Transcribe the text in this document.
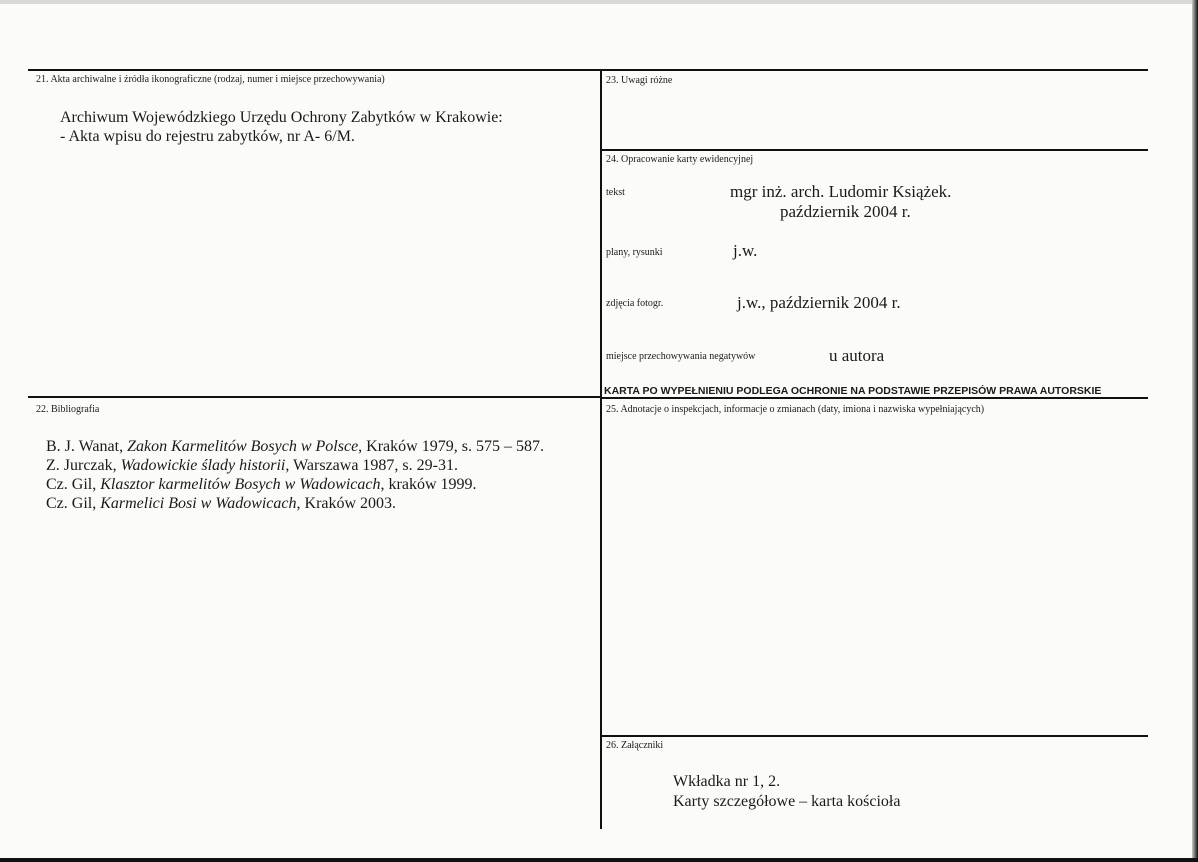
21. Akta archiwalne i źródła ikonograficzne (rodzaj, numer i miejsce przechowywania)
Archiwum Wojewódzkiego Urzędu Ochrony Zabytków w Krakowie:
- Akta wpisu do rejestru zabytków, nr A- 6/M.
22. Bibliografia
B. J. Wanat, Zakon Karmelitów Bosych w Polsce, Kraków 1979, s. 575 – 587.
Z. Jurczak, Wadowickie ślady historii, Warszawa 1987, s. 29-31.
Cz. Gil, Klasztor karmelitów Bosych w Wadowicach, kraków 1999.
Cz. Gil, Karmelici Bosi w Wadowicach, Kraków 2003.
23. Uwagi różne
24. Opracowanie karty ewidencyjnej
tekst	mgr inż. arch. Ludomir Książek.
październik 2004 r.
plany, rysunki	j.w.
zdjęcia fotogr.	j.w., październik 2004 r.
miejsce przechowywania negatywów	u autora
KARTA PO WYPEŁNIENIU PODLEGA OCHRONIE NA PODSTAWIE PRZEPISÓW PRAWA AUTORSKIE
25. Adnotacje o inspekcjach, informacje o zmianach (daty, imiona i nazwiska wypełniających)
26. Załączniki
Wkładka nr 1, 2.
Karty szczegółowe – karta kościoła
